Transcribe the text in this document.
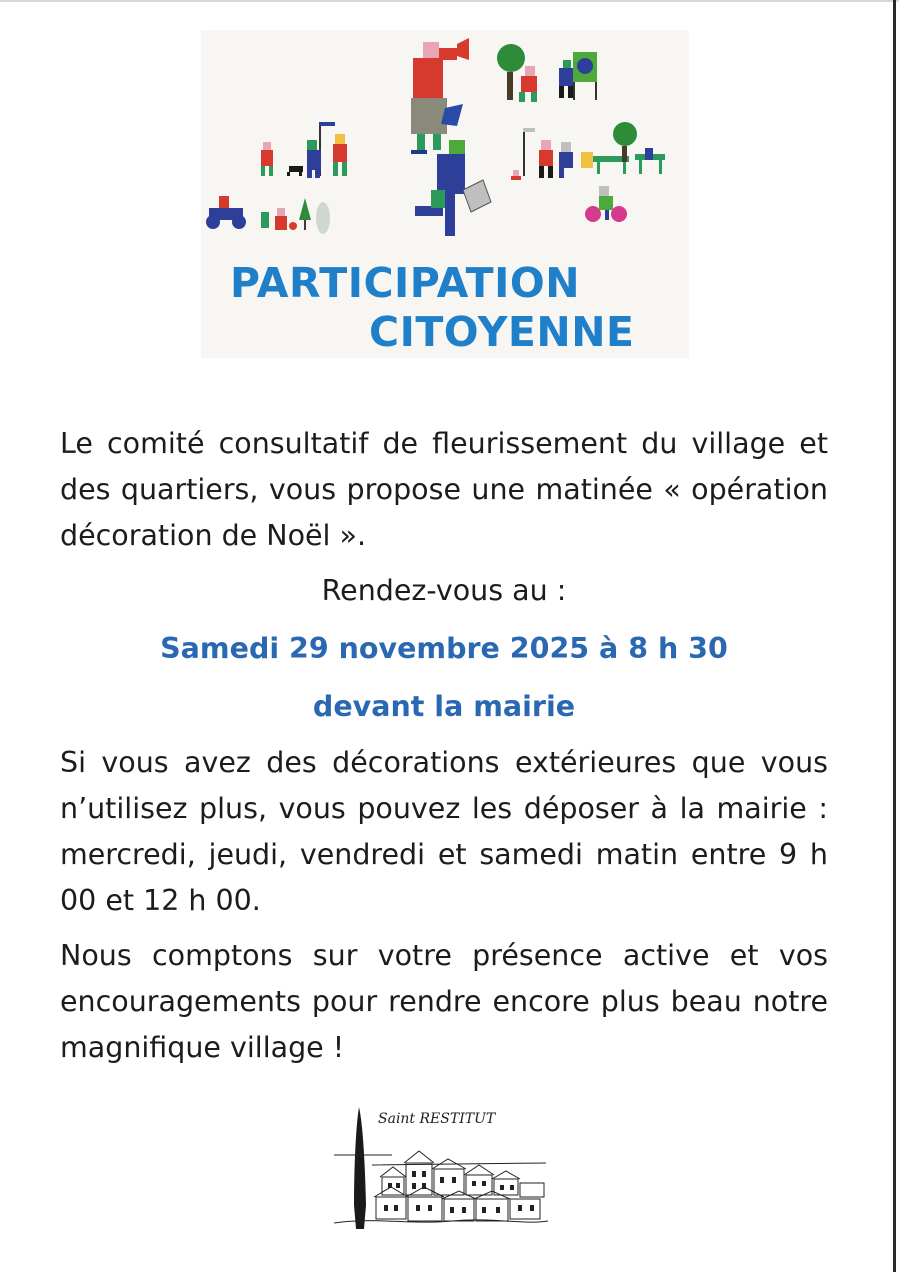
PARTICIPATION
CITOYENNE
Le comité consultatif de fleurissement du village et des quartiers, vous propose une matinée « opération décoration de Noël ».
Rendez-vous au :
Samedi 29 novembre 2025 à 8 h 30
devant la mairie
Si vous avez des décorations extérieures que vous n’utilisez plus, vous pouvez les déposer à la mairie : mercredi, jeudi, vendredi et samedi matin entre 9 h 00 et 12 h 00.
Nous comptons sur votre présence active et vos encouragements pour rendre encore plus beau notre magnifique village !
Saint RESTITUT
